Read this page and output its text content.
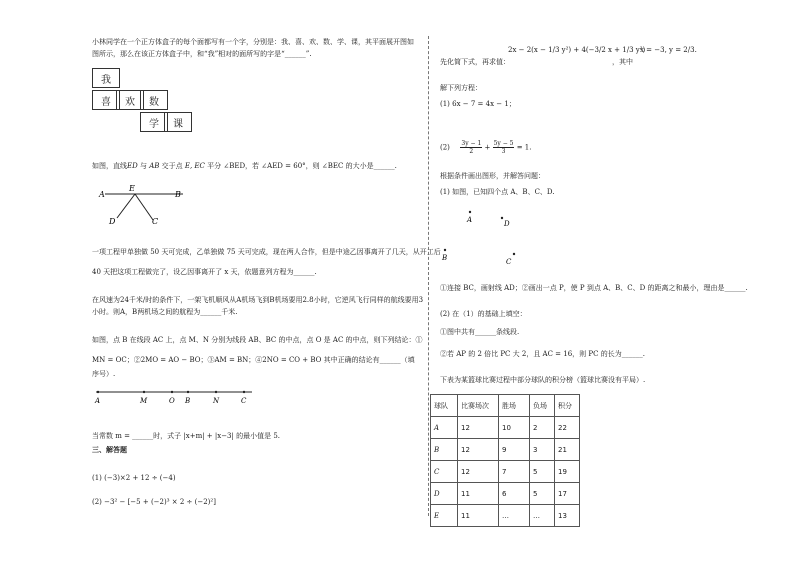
小林同学在一个正方体盒子的每个面都写有一个字，分别是：我、喜、欢、数、学、课，其平面展开图如
图所示，那么在该正方体盒子中，和“我”相对的面所写的字是“______”.
我
喜	欢	数
学	课
如图，直线ED 与 AB 交于点 E, EC 平分 ∠BED，若 ∠AED = 60°，则 ∠BEC 的大小是______.
A
E
B
D	C
一项工程甲单独做 50 天可完成，乙单独做 75 天可完成，现在两人合作，但是中途乙因事离开了几天，从开工后
40 天把这项工程做完了，设乙因事离开了 x 天，依题意列方程为______.
在风速为24千米/时的条件下，一架飞机顺风从A机场飞到B机场要用2.8小时，它逆风飞行同样的航线要用3
小时。则A，B两机场之间的航程为______千米.
如图，点 B 在线段 AC 上，点 M、N 分别为线段 AB、BC 的中点，点 O 是 AC 的中点，则下列结论：①
MN = OC；②2MO = AO − BO；③AM = BN；④2NO = CO + BO 其中正确的结论有______（填
序号）.
A	M	O B	N	C
当常数 m = ______时，式子 |x+m| + |x−3| 的最小值是 5.
三、解答题
(1) (−3)×2 + 12 ÷ (−4)
(2) −3² − [−5 + (−2)³ × 2 ÷ (−2)²]
先化简下式，再求值：
2x − 2(x − 1/3 y²) + 4(−3/2 x + 1/3 y²)
，其中
x = −3, y = 2/3.
解下列方程：
(1) 6x − 7 = 4x − 1；
$(2) \frac{3y - 1}{2} + \frac{5y - 5}{3} = 1$.
根据条件画出图形，并解答问题：
(1) 如图，已知四个点 A、B、C、D.
A	D
B	C
①连接 BC，画射线 AD；②画出一点 P，使 P 到点 A、B、C、D 的距离之和最小，理由是______.
(2) 在（1）的基础上填空：
①图中共有______条线段.
②若 AP 的 2 倍比 PC 大 2，且 AC = 16，则 PC 的长为______.
下表为某篮球比赛过程中部分球队的积分榜（篮球比赛没有平局）.
球队	比赛场次	胜场	负场	积分
A	12	10	2	22
B	12	9	3	21
C	12	7	5	19
D	11	6	5	17
E	11	…	…	13
